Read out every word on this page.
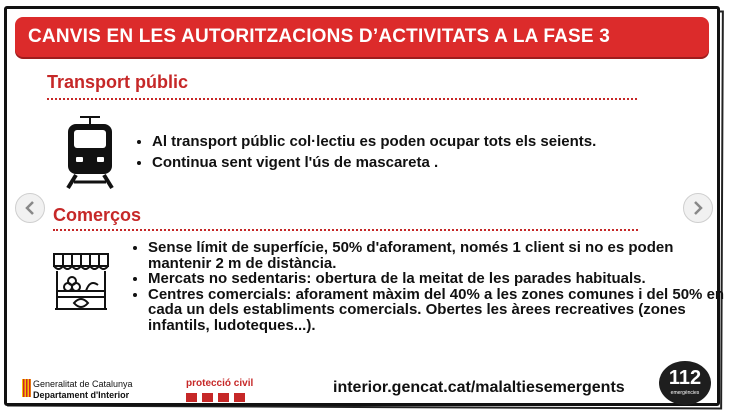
CANVIS EN LES AUTORITZACIONS D’ACTIVITATS A LA FASE 3
Transport públic
• Al transport públic col·lectiu es poden ocupar tots els seients.
• Continua sent vigent l'ús de mascareta .
Comerços
• Sense límit de superfície, 50% d'aforament, només 1 client si no es poden mantenir 2 m de distància.
• Mercats no sedentaris: obertura de la meitat de les parades habituals.
• Centres comercials: aforament màxim del 40% a les zones comunes i del 50% en cada un dels establiments comercials. Obertes les àrees recreatives (zones infantils, ludoteques...).
Generalitat de Catalunya
Departament d'Interior
protecció civil	interior.gencat.cat/malaltiesemergents	112
emergències
